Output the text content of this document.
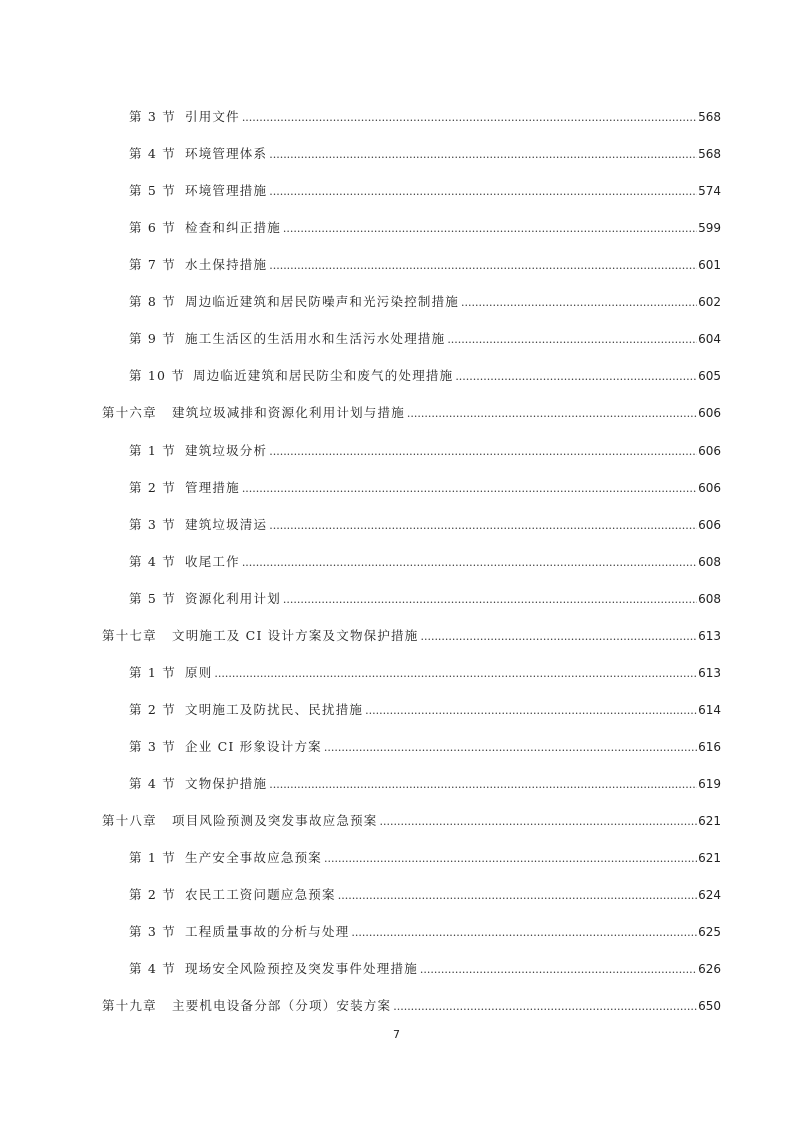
第 3 节 引用文件 .....	568
第 4 节 环境管理体系 .....	568
第 5 节 环境管理措施 .....	574
第 6 节 检查和纠正措施 .....	599
第 7 节 水土保持措施 .....	601
第 8 节 周边临近建筑和居民防噪声和光污染控制措施 .....	602
第 9 节 施工生活区的生活用水和生活污水处理措施 .....	604
第 10 节 周边临近建筑和居民防尘和废气的处理措施 .....	605
第十六章	建筑垃圾减排和资源化利用计划与措施 .....	606
第 1 节 建筑垃圾分析 .....	606
第 2 节 管理措施 .....	606
第 3 节 建筑垃圾清运 .....	606
第 4 节 收尾工作 .....	608
第 5 节 资源化利用计划 .....	608
第十七章	文明施工及 CI 设计方案及文物保护措施 .....	613
第 1 节 原则 .....	613
第 2 节 文明施工及防扰民、民扰措施 .....	614
第 3 节 企业 CI 形象设计方案 .....	616
第 4 节 文物保护措施 .....	619
第十八章	项目风险预测及突发事故应急预案 .....	621
第 1 节 生产安全事故应急预案 .....	621
第 2 节 农民工工资问题应急预案 .....	624
第 3 节 工程质量事故的分析与处理 .....	625
第 4 节 现场安全风险预控及突发事件处理措施 .....	626
第十九章	主要机电设备分部（分项）安装方案 .....	650
7
